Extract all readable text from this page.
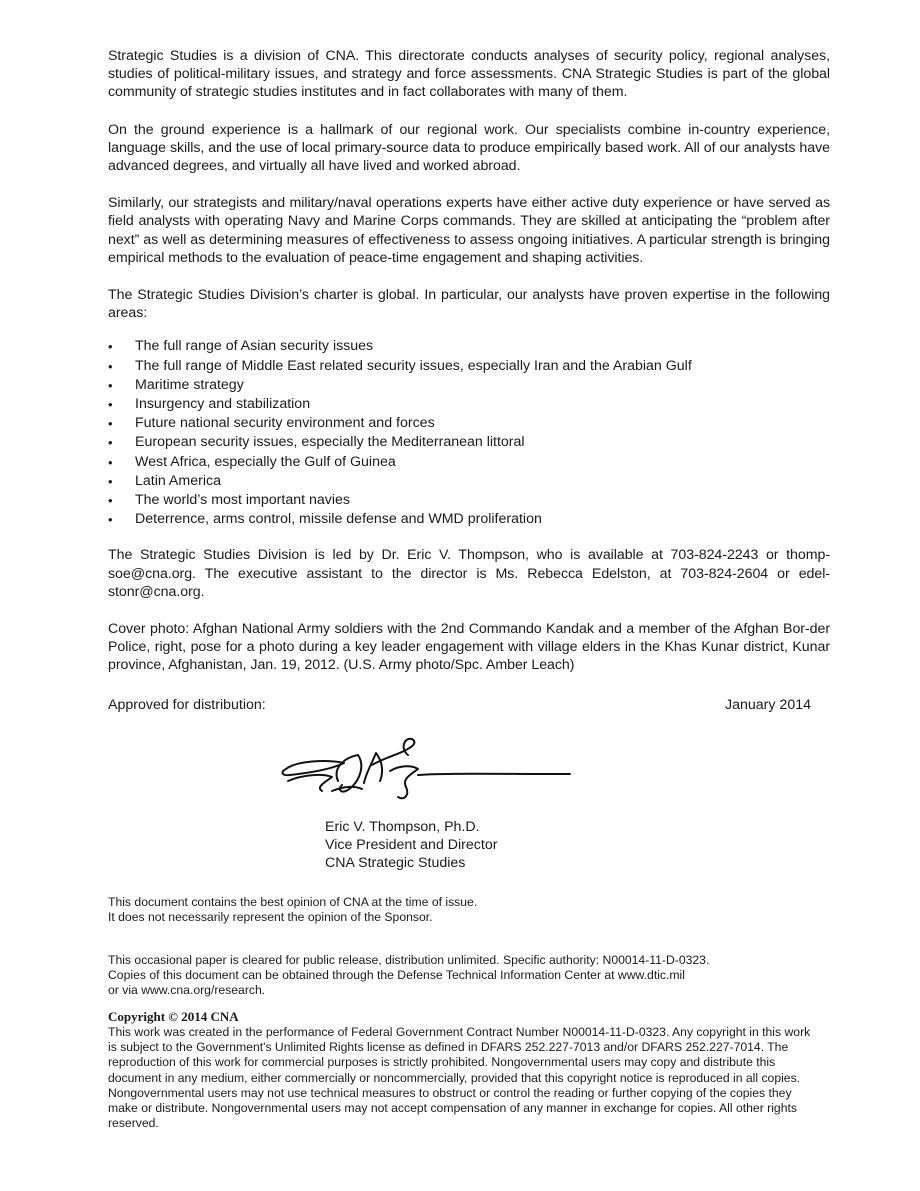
Strategic Studies is a division of CNA. This directorate conducts analyses of security policy, regional analyses, studies of political-military issues, and strategy and force assessments. CNA Strategic Studies is part of the global community of strategic studies institutes and in fact collaborates with many of them.

On the ground experience is a hallmark of our regional work. Our specialists combine in-country experience, language skills, and the use of local primary-source data to produce empirically based work. All of our analysts have advanced degrees, and virtually all have lived and worked abroad.

Similarly, our strategists and military/naval operations experts have either active duty experience or have served as field analysts with operating Navy and Marine Corps commands. They are skilled at anticipating the “problem after next” as well as determining measures of effectiveness to assess ongoing initiatives. A particular strength is bringing empirical methods to the evaluation of peace-time engagement and shaping activities.

The Strategic Studies Division’s charter is global. In particular, our analysts have proven expertise in the following areas:

• The full range of Asian security issues
• The full range of Middle East related security issues, especially Iran and the Arabian Gulf
• Maritime strategy
• Insurgency and stabilization
• Future national security environment and forces
• European security issues, especially the Mediterranean littoral
• West Africa, especially the Gulf of Guinea
• Latin America
• The world’s most important navies
• Deterrence, arms control, missile defense and WMD proliferation

The Strategic Studies Division is led by Dr. Eric V. Thompson, who is available at 703-824-2243 or thomp-soe@cna.org. The executive assistant to the director is Ms. Rebecca Edelston, at 703-824-2604 or edel-stonr@cna.org.

Cover photo: Afghan National Army soldiers with the 2nd Commando Kandak and a member of the Afghan Bor-der Police, right, pose for a photo during a key leader engagement with village elders in the Khas Kunar district, Kunar province, Afghanistan, Jan. 19, 2012. (U.S. Army photo/Spc. Amber Leach)

Approved for distribution:	January 2014
Eric V. Thompson, Ph.D.
Vice President and Director
CNA Strategic Studies
This document contains the best opinion of CNA at the time of issue.
It does not necessarily represent the opinion of the Sponsor.
This occasional paper is cleared for public release, distribution unlimited. Specific authority: N00014-11-D-0323.
Copies of this document can be obtained through the Defense Technical Information Center at www.dtic.mil
or via www.cna.org/research.
Copyright © 2014 CNA

This work was created in the performance of Federal Government Contract Number N00014-11-D-0323. Any copyright in this work is subject to the Government's Unlimited Rights license as defined in DFARS 252.227-7013 and/or DFARS 252.227-7014. The reproduction of this work for commercial purposes is strictly prohibited. Nongovernmental users may copy and distribute this document in any medium, either commercially or noncommercially, provided that this copyright notice is reproduced in all copies. Nongovernmental users may not use technical measures to obstruct or control the reading or further copying of the copies they make or distribute. Nongovernmental users may not accept compensation of any manner in exchange for copies. All other rights reserved.
